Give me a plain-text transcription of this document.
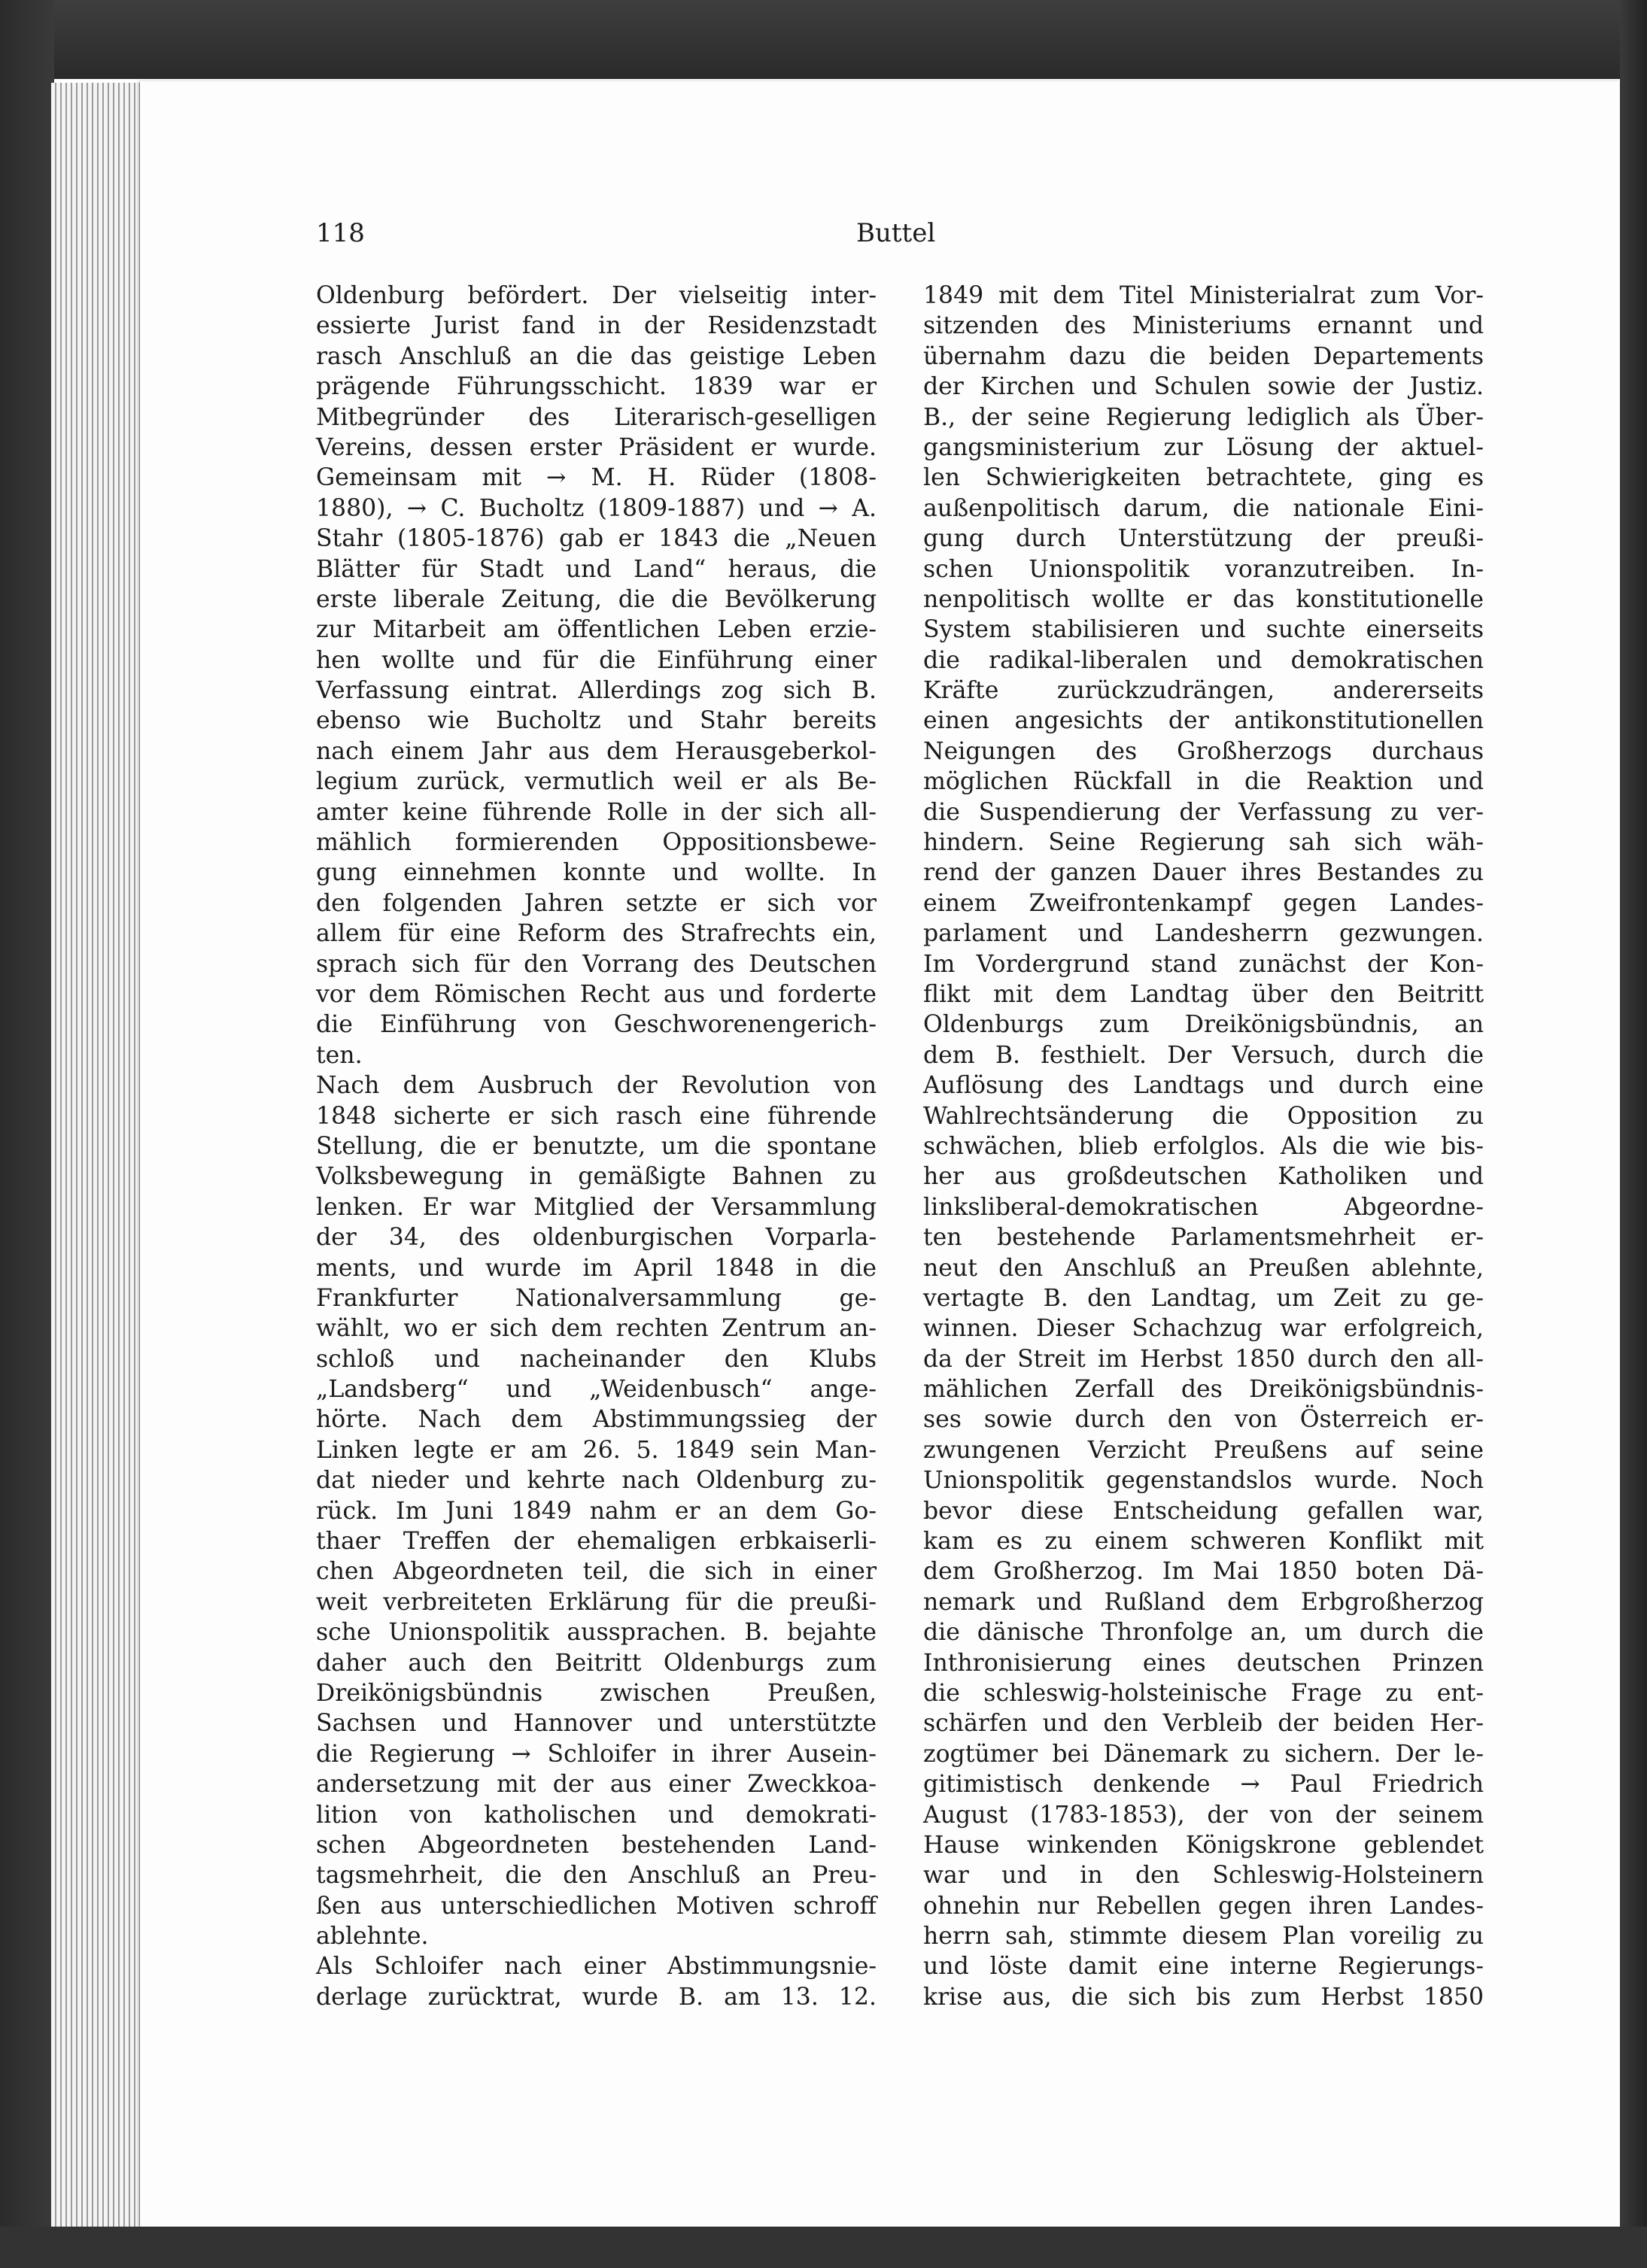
118	Buttel
Oldenburg befördert. Der vielseitig inter-
essierte Jurist fand in der Residenzstadt
rasch Anschluß an die das geistige Leben
prägende Führungsschicht. 1839 war er
Mitbegründer des Literarisch-geselligen
Vereins, dessen erster Präsident er wurde.
Gemeinsam mit → M. H. Rüder (1808-
1880), → C. Bucholtz (1809-1887) und → A.
Stahr (1805-1876) gab er 1843 die „Neuen
Blätter für Stadt und Land“ heraus, die
erste liberale Zeitung, die die Bevölkerung
zur Mitarbeit am öffentlichen Leben erzie-
hen wollte und für die Einführung einer
Verfassung eintrat. Allerdings zog sich B.
ebenso wie Bucholtz und Stahr bereits
nach einem Jahr aus dem Herausgeberkol-
legium zurück, vermutlich weil er als Be-
amter keine führende Rolle in der sich all-
mählich formierenden Oppositionsbewe-
gung einnehmen konnte und wollte. In
den folgenden Jahren setzte er sich vor
allem für eine Reform des Strafrechts ein,
sprach sich für den Vorrang des Deutschen
vor dem Römischen Recht aus und forderte
die Einführung von Geschworenengerich-
ten.
Nach dem Ausbruch der Revolution von
1848 sicherte er sich rasch eine führende
Stellung, die er benutzte, um die spontane
Volksbewegung in gemäßigte Bahnen zu
lenken. Er war Mitglied der Versammlung
der 34, des oldenburgischen Vorparla-
ments, und wurde im April 1848 in die
Frankfurter Nationalversammlung ge-
wählt, wo er sich dem rechten Zentrum an-
schloß und nacheinander den Klubs
„Landsberg“ und „Weidenbusch“ ange-
hörte. Nach dem Abstimmungssieg der
Linken legte er am 26. 5. 1849 sein Man-
dat nieder und kehrte nach Oldenburg zu-
rück. Im Juni 1849 nahm er an dem Go-
thaer Treffen der ehemaligen erbkaiserli-
chen Abgeordneten teil, die sich in einer
weit verbreiteten Erklärung für die preußi-
sche Unionspolitik aussprachen. B. bejahte
daher auch den Beitritt Oldenburgs zum
Dreikönigsbündnis zwischen Preußen,
Sachsen und Hannover und unterstützte
die Regierung → Schloifer in ihrer Ausein-
andersetzung mit der aus einer Zweckkoa-
lition von katholischen und demokrati-
schen Abgeordneten bestehenden Land-
tagsmehrheit, die den Anschluß an Preu-
ßen aus unterschiedlichen Motiven schroff
ablehnte.
Als Schloifer nach einer Abstimmungsnie-
derlage zurücktrat, wurde B. am 13. 12.
1849 mit dem Titel Ministerialrat zum Vor-
sitzenden des Ministeriums ernannt und
übernahm dazu die beiden Departements
der Kirchen und Schulen sowie der Justiz.
B., der seine Regierung lediglich als Über-
gangsministerium zur Lösung der aktuel-
len Schwierigkeiten betrachtete, ging es
außenpolitisch darum, die nationale Eini-
gung durch Unterstützung der preußi-
schen Unionspolitik voranzutreiben. In-
nenpolitisch wollte er das konstitutionelle
System stabilisieren und suchte einerseits
die radikal-liberalen und demokratischen
Kräfte zurückzudrängen, andererseits
einen angesichts der antikonstitutionellen
Neigungen des Großherzogs durchaus
möglichen Rückfall in die Reaktion und
die Suspendierung der Verfassung zu ver-
hindern. Seine Regierung sah sich wäh-
rend der ganzen Dauer ihres Bestandes zu
einem Zweifrontenkampf gegen Landes-
parlament und Landesherrn gezwungen.
Im Vordergrund stand zunächst der Kon-
flikt mit dem Landtag über den Beitritt
Oldenburgs zum Dreikönigsbündnis, an
dem B. festhielt. Der Versuch, durch die
Auflösung des Landtags und durch eine
Wahlrechtsänderung die Opposition zu
schwächen, blieb erfolglos. Als die wie bis-
her aus großdeutschen Katholiken und
linksliberal-demokratischen Abgeordne-
ten bestehende Parlamentsmehrheit er-
neut den Anschluß an Preußen ablehnte,
vertagte B. den Landtag, um Zeit zu ge-
winnen. Dieser Schachzug war erfolgreich,
da der Streit im Herbst 1850 durch den all-
mählichen Zerfall des Dreikönigsbündnis-
ses sowie durch den von Österreich er-
zwungenen Verzicht Preußens auf seine
Unionspolitik gegenstandslos wurde. Noch
bevor diese Entscheidung gefallen war,
kam es zu einem schweren Konflikt mit
dem Großherzog. Im Mai 1850 boten Dä-
nemark und Rußland dem Erbgroßherzog
die dänische Thronfolge an, um durch die
Inthronisierung eines deutschen Prinzen
die schleswig-holsteinische Frage zu ent-
schärfen und den Verbleib der beiden Her-
zogtümer bei Dänemark zu sichern. Der le-
gitimistisch denkende → Paul Friedrich
August (1783-1853), der von der seinem
Hause winkenden Königskrone geblendet
war und in den Schleswig-Holsteinern
ohnehin nur Rebellen gegen ihren Landes-
herrn sah, stimmte diesem Plan voreilig zu
und löste damit eine interne Regierungs-
krise aus, die sich bis zum Herbst 1850
